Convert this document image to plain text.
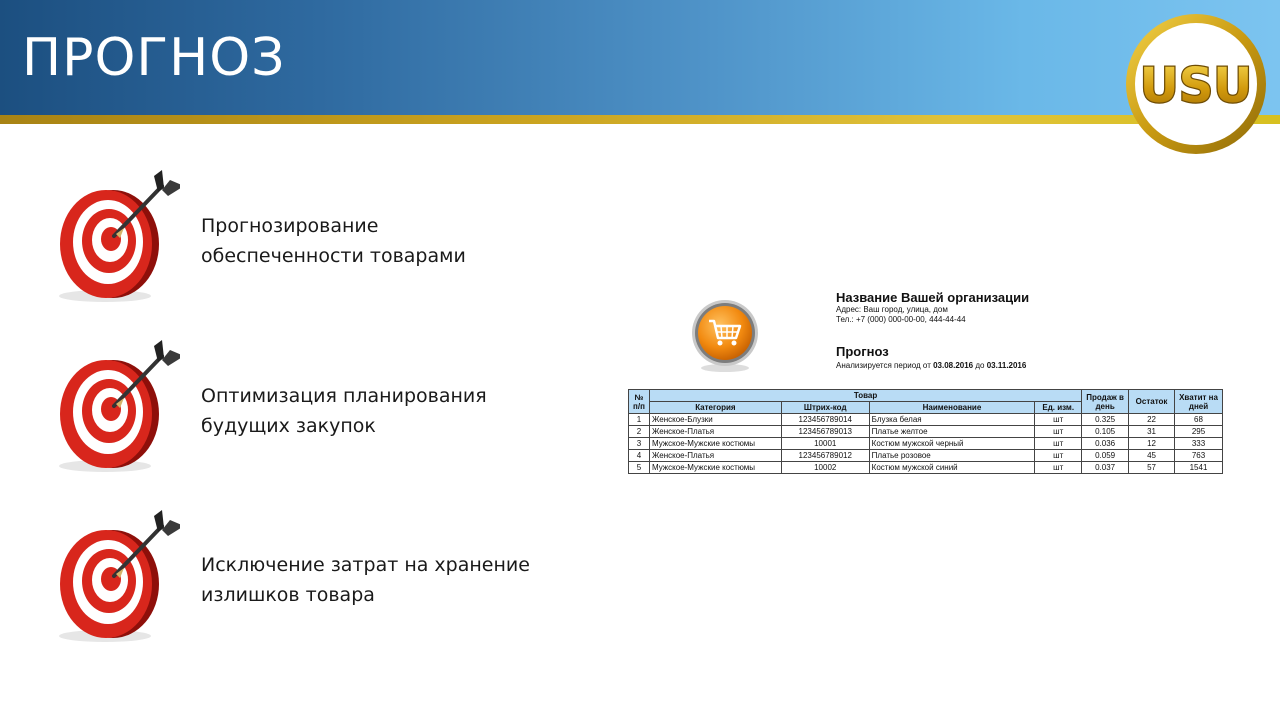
ПРОГНОЗ	USU
Прогнозирование
обеспеченности товарами
Оптимизация планирования
будущих закупок
Исключение затрат на хранение
излишков товара
Название Вашей организации
Адрес: Ваш город, улица, дом
Тел.: +7 (000) 000-00-00, 444-44-44
Прогноз
Анализируется период от 03.08.2016 до 03.11.2016
№ п/п	Товар				Продаж в день	Остаток	Хватит на дней
	Категория	Штрих-код	Наименование	Ед. изм.			
1	Женское-Блузки	123456789014	Блузка белая	шт	0.325	22	68
2	Женское-Платья	123456789013	Платье желтое	шт	0.105	31	295
3	Мужское-Мужские костюмы	10001	Костюм мужской черный	шт	0.036	12	333
4	Женское-Платья	123456789012	Платье розовое	шт	0.059	45	763
5	Мужское-Мужские костюмы	10002	Костюм мужской синий	шт	0.037	57	1541
